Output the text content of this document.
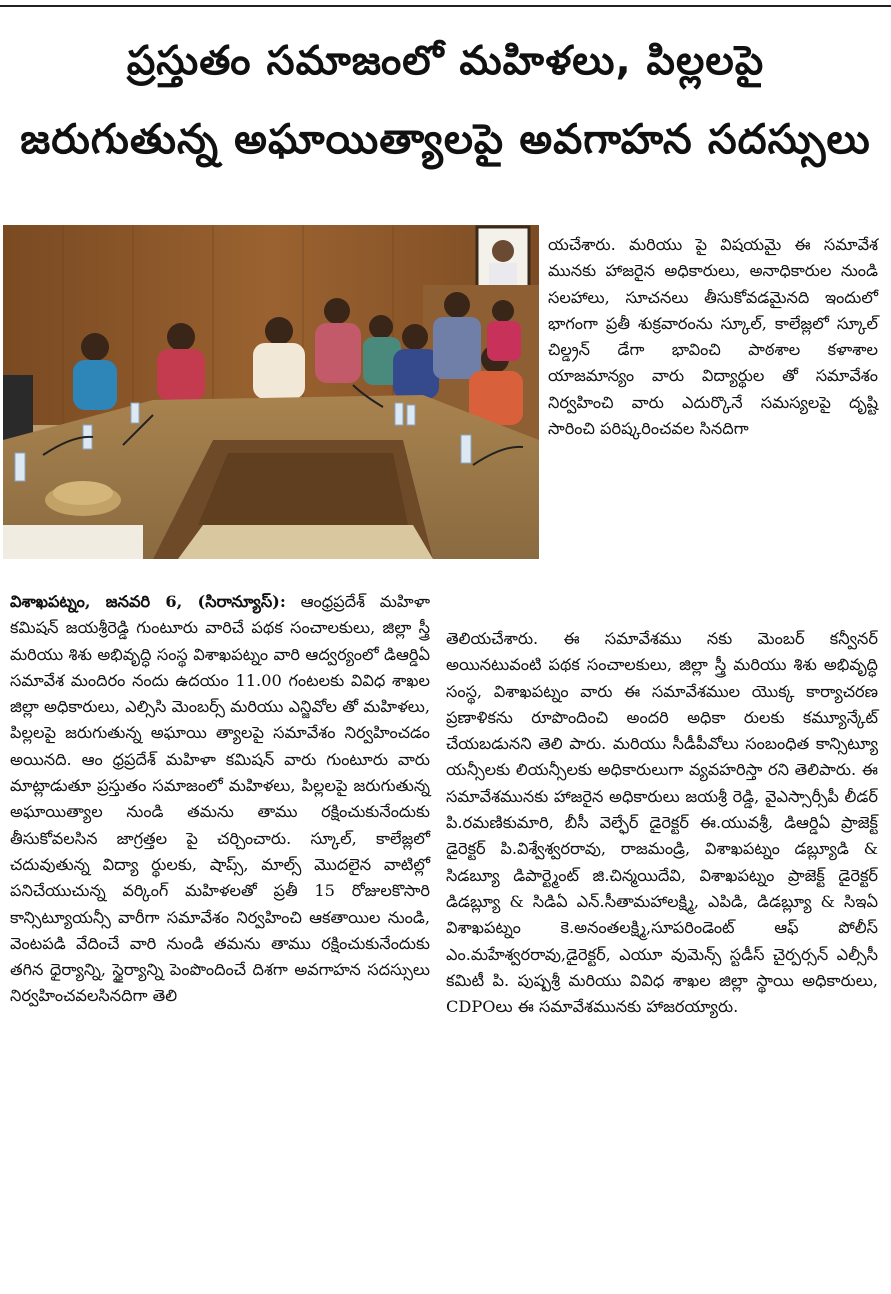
ప్రస్తుతం సమాజంలో మహిళలు, పిల్లలపై
జరుగుతున్న అఘాయిత్యాలపై అవగాహన సదస్సులు

యచేశారు. మరియు పై విషయమై ఈ సమావేశ మునకు హాజరైన అధికారులు, అనాధికారుల నుండి సలహాలు, సూచనలు తీసుకోవడమైనది ఇందులో భాగంగా ప్రతీ శుక్రవారంను స్కూల్, కాలేజ్లలో స్కూల్ చిల్డ్రన్ డేగా భావించి పాఠశాల కళాశాల యాజమాన్యం వారు విద్యార్థుల తో సమావేశం నిర్వహించి వారు ఎదుర్కొనే సమస్యలపై దృష్టి సారించి పరిష్కరించవల సినదిగా

విశాఖపట్నం, జనవరి 6, (సిరాన్యూస్): ఆంధ్రప్రదేశ్ మహిళా కమిషన్ జయశ్రీరెడ్డి గుంటూరు వారిచే పథక సంచాలకులు, జిల్లా స్త్రీ మరియు శిశు అభివృద్ధి సంస్థ విశాఖపట్నం వారి ఆద్వర్యంలో డిఆర్డిఏ సమావేశ మందిరం నందు ఉదయం 11.00 గంటలకు వివిధ శాఖల జిల్లా అధికారులు, ఎల్సిసి మెంబర్స్ మరియు ఎన్జివోల తో మహిళలు, పిల్లలపై జరుగుతున్న అఘాయి త్యాలపై సమావేశం నిర్వహించడం అయినది. ఆం ధ్రప్రదేశ్ మహిళా కమిషన్ వారు గుంటూరు వారు మాట్లాడుతూ ప్రస్తుతం సమాజంలో మహిళలు, పిల్లలపై జరుగుతున్న అఘాయిత్యాల నుండి తమను తాము రక్షించుకునేందుకు తీసుకోవలసిన జాగ్రత్తల పై చర్చించారు. స్కూల్, కాలేజ్లలో చదువుతున్న విద్యా ర్థులకు, షాప్స్, మాల్స్ మొదలైన వాటిల్లో పనిచేయుచున్న వర్కింగ్ మహిళలతో ప్రతీ 15 రోజులకొసారి కాన్సిట్యూయన్సీ వారీగా సమావేశం నిర్వహించి ఆకతాయిల నుండి, వెంటపడి వేదించే వారి నుండి తమను తాము రక్షించుకునేందుకు తగిన ధైర్యాన్ని, స్థైర్యాన్ని పెంపొందించే దిశగా అవగాహన సదస్సులు నిర్వహించవలసినదిగా తెలి

తెలియచేశారు. ఈ సమావేశము నకు మెంబర్ కన్వీనర్ అయినటువంటి పథక సంచాలకులు, జిల్లా స్త్రీ మరియు శిశు అభివృద్ధి సంస్థ, విశాఖపట్నం వారు ఈ సమావేశముల యొక్క కార్యాచరణ ప్రణాళికను రూపొందించి అందరి అధికా రులకు కమ్యూన్కేట్ చేయబడునని తెలి పారు. మరియు సీడీపీవోలు సంబంధిత కాన్సిట్యూ యన్సీలకు లియన్సీలకు అధికారులుగా వ్యవహరిస్తా రని తెలిపారు. ఈ సమావేశమునకు హాజరైన అధికారులు జయశ్రీ రెడ్డి, వైఎస్సార్సీపీ లీడర్ పి.రమణికుమారి, బీసీ వెల్ఫేర్ డైరెక్టర్ ఈ.యువశ్రీ, డిఆర్డిఏ ప్రాజెక్ట్ డైరెక్టర్ పి.విశ్వేశ్వరరావు, రాజమండ్రి, విశాఖపట్నం డబ్ల్యూడి & సిడబ్యూ డిపార్ట్మెంట్ జి.చిన్మయిదేవి, విశాఖపట్నం ప్రాజెక్ట్ డైరెక్టర్ డిడబ్ల్యూ & సిడిఏ ఎన్.సీతామహాలక్ష్మి, ఎపిడి, డిడబ్ల్యూ & సిఇఏ విశాఖపట్నం కె.అనంతలక్ష్మి,సూపరిండెంట్ ఆఫ్ పోలీస్ ఎం.మహేశ్వరరావు,డైరెక్టర్, ఎయూ వుమెన్స్ స్టడీస్ చైర్పర్సన్ ఎల్సీసీ కమిటీ పి. పుష్పశ్రీ మరియు వివిధ శాఖల జిల్లా స్థాయి అధికారులు, CDPOలు ఈ సమావేశమునకు హాజరయ్యారు.
